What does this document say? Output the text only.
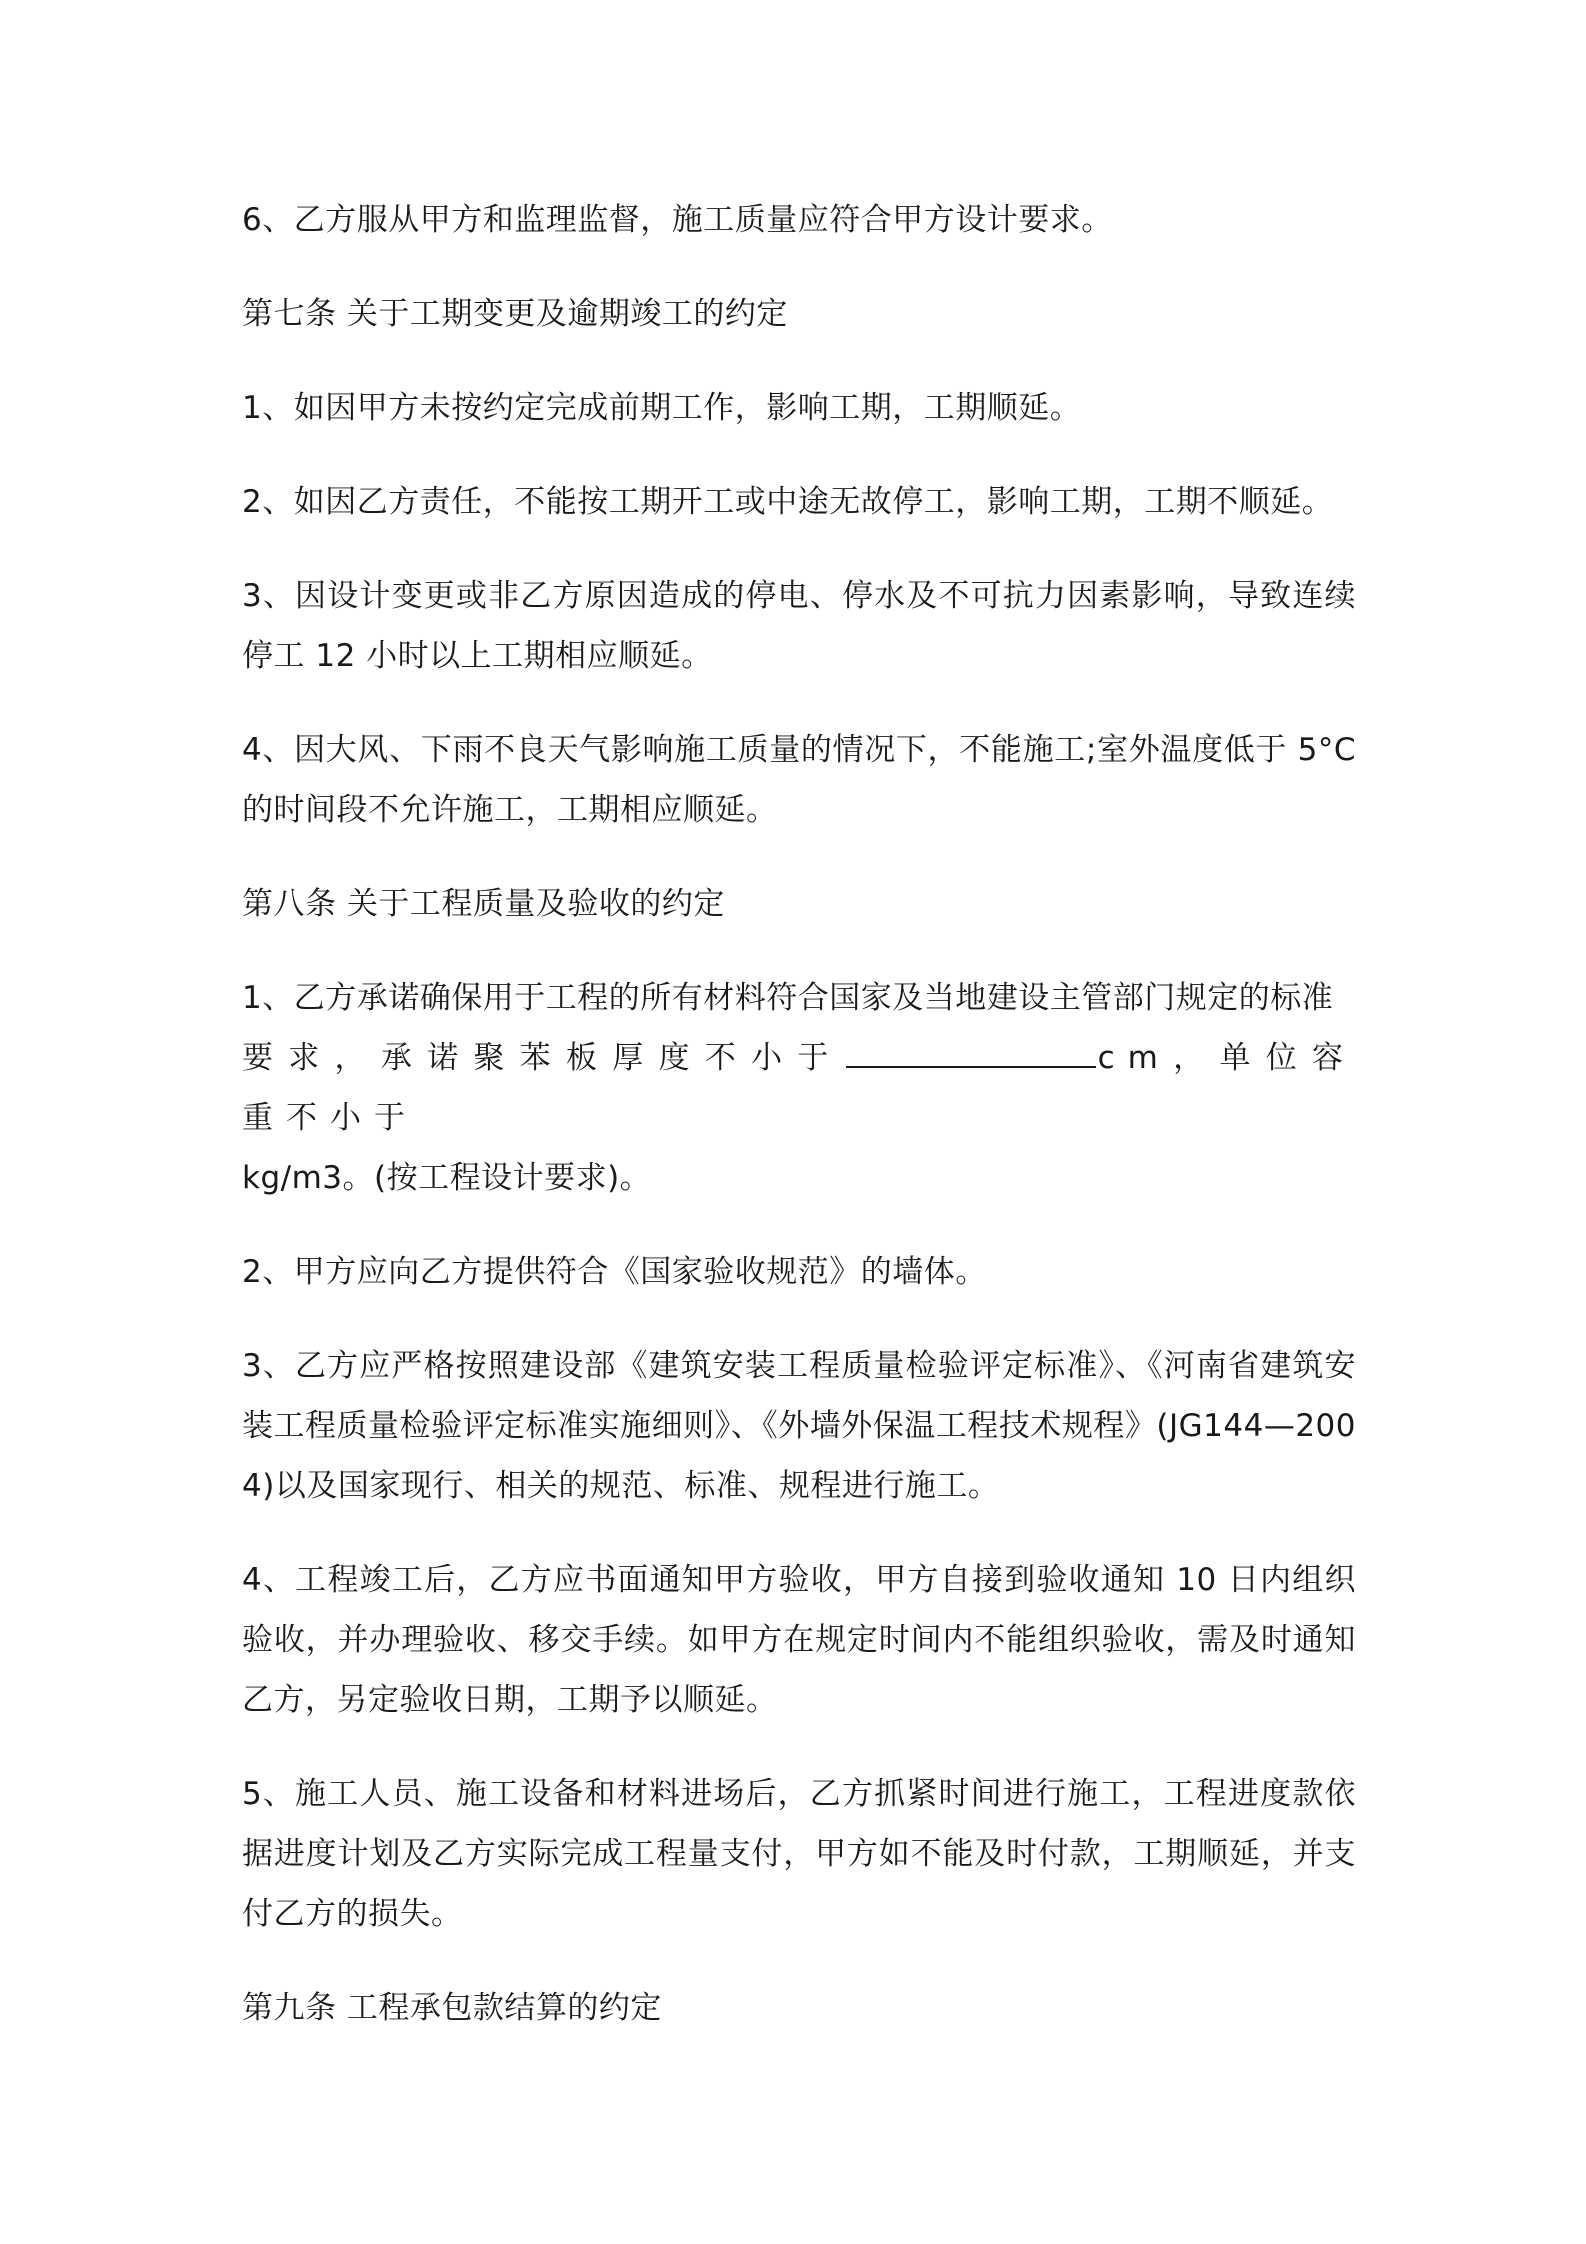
6、乙方服从甲方和监理监督，施工质量应符合甲方设计要求。

第七条 关于工期变更及逾期竣工的约定

1、如因甲方未按约定完成前期工作，影响工期，工期顺延。

2、如因乙方责任，不能按工期开工或中途无故停工，影响工期，工期不顺延。

3、因设计变更或非乙方原因造成的停电、停水及不可抗力因素影响，导致连续停工 12 小时以上工期相应顺延。

4、因大风、下雨不良天气影响施工质量的情况下，不能施工;室外温度低于 5°C 的时间段不允许施工，工期相应顺延。

第八条 关于工程质量及验收的约定

1、乙方承诺确保用于工程的所有材料符合国家及当地建设主管部门规定的标准
要求，承诺聚苯板厚度不小于	cm，单位容重不小于
kg/m3。(按工程设计要求)。

2、甲方应向乙方提供符合《国家验收规范》的墙体。

3、乙方应严格按照建设部《建筑安装工程质量检验评定标准》、《河南省建筑安装工程质量检验评定标准实施细则》、《外墙外保温工程技术规程》(JG144—2004)以及国家现行、相关的规范、标准、规程进行施工。

4、工程竣工后，乙方应书面通知甲方验收，甲方自接到验收通知 10 日内组织验收，并办理验收、移交手续。如甲方在规定时间内不能组织验收，需及时通知乙方，另定验收日期，工期予以顺延。

5、施工人员、施工设备和材料进场后，乙方抓紧时间进行施工，工程进度款依据进度计划及乙方实际完成工程量支付，甲方如不能及时付款，工期顺延，并支付乙方的损失。

第九条 工程承包款结算的约定
